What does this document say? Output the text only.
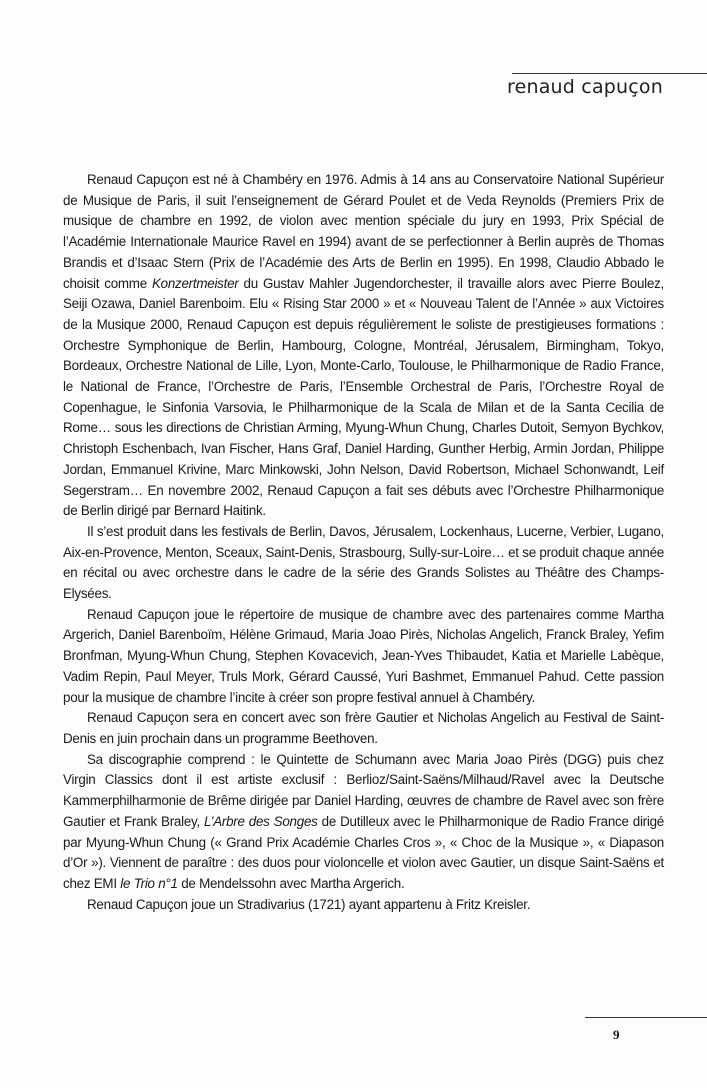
renaud capuçon

Renaud Capuçon est né à Chambéry en 1976. Admis à 14 ans au Conservatoire National Supérieur de Musique de Paris, il suit l’enseignement de Gérard Poulet et de Veda Reynolds (Premiers Prix de musique de chambre en 1992, de violon avec mention spéciale du jury en 1993, Prix Spécial de l’Académie Internationale Maurice Ravel en 1994) avant de se perfectionner à Berlin auprès de Thomas Brandis et d’Isaac Stern (Prix de l’Académie des Arts de Berlin en 1995). En 1998, Claudio Abbado le choisit comme Konzertmeister du Gustav Mahler Jugendorchester, il travaille alors avec Pierre Boulez, Seiji Ozawa, Daniel Barenboim. Elu « Rising Star 2000 » et « Nouveau Talent de l’Année » aux Victoires de la Musique 2000, Renaud Capuçon est depuis régulièrement le soliste de prestigieuses formations : Orchestre Symphonique de Berlin, Hambourg, Cologne, Montréal, Jérusalem, Birmingham, Tokyo, Bordeaux, Orchestre National de Lille, Lyon, Monte-Carlo, Toulouse, le Philharmonique de Radio France, le National de France, l’Orchestre de Paris, l’Ensemble Orchestral de Paris, l’Orchestre Royal de Copenhague, le Sinfonia Varsovia, le Philharmonique de la Scala de Milan et de la Santa Cecilia de Rome… sous les directions de Christian Arming, Myung-Whun Chung, Charles Dutoit, Semyon Bychkov, Christoph Eschenbach, Ivan Fischer, Hans Graf, Daniel Harding, Gunther Herbig, Armin Jordan, Philippe Jordan, Emmanuel Krivine, Marc Minkowski, John Nelson, David Robertson, Michael Schonwandt, Leif Segerstram… En novembre 2002, Renaud Capuçon a fait ses débuts avec l’Orchestre Philharmonique de Berlin dirigé par Bernard Haitink.

Il s’est produit dans les festivals de Berlin, Davos, Jérusalem, Lockenhaus, Lucerne, Verbier, Lugano, Aix-en-Provence, Menton, Sceaux, Saint-Denis, Strasbourg, Sully-sur-Loire… et se produit chaque année en récital ou avec orchestre dans le cadre de la série des Grands Solistes au Théâtre des Champs-Elysées.

Renaud Capuçon joue le répertoire de musique de chambre avec des partenaires comme Martha Argerich, Daniel Barenboïm, Hélène Grimaud, Maria Joao Pirès, Nicholas Angelich, Franck Braley, Yefim Bronfman, Myung-Whun Chung, Stephen Kovacevich, Jean-Yves Thibaudet, Katia et Marielle Labèque, Vadim Repin, Paul Meyer, Truls Mork, Gérard Caussé, Yuri Bashmet, Emmanuel Pahud. Cette passion pour la musique de chambre l’incite à créer son propre festival annuel à Chambéry.

Renaud Capuçon sera en concert avec son frère Gautier et Nicholas Angelich au Festival de Saint-Denis en juin prochain dans un programme Beethoven.

Sa discographie comprend : le Quintette de Schumann avec Maria Joao Pirès (DGG) puis chez Virgin Classics dont il est artiste exclusif : Berlioz/Saint-Saëns/Milhaud/Ravel avec la Deutsche Kammerphilharmonie de Brême dirigée par Daniel Harding, œuvres de chambre de Ravel avec son frère Gautier et Frank Braley, L’Arbre des Songes de Dutilleux avec le Philharmonique de Radio France dirigé par Myung-Whun Chung (« Grand Prix Académie Charles Cros », « Choc de la Musique », « Diapason d’Or »). Viennent de paraître : des duos pour violoncelle et violon avec Gautier, un disque Saint-Saëns et chez EMI le Trio n°1 de Mendelssohn avec Martha Argerich.

Renaud Capuçon joue un Stradivarius (1721) ayant appartenu à Fritz Kreisler.

9
